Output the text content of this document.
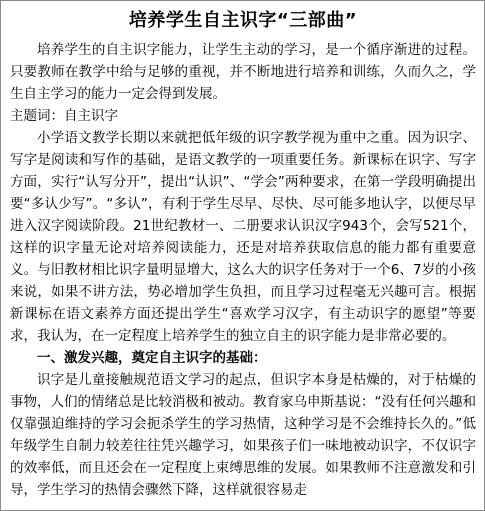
培养学生自主识字“三部曲”

培养学生的自主识字能力，让学生主动的学习，是一个循序渐进的过程。只要教师在教学中给与足够的重视，并不断地进行培养和训练，久而久之，学生自主学习的能力一定会得到发展。

主题词：自主识字

小学语文教学长期以来就把低年级的识字教学视为重中之重。因为识字、写字是阅读和写作的基础，是语文教学的一项重要任务。新课标在识字、写字方面，实行“认写分开”，提出“认识”、“学会”两种要求，在第一学段明确提出要“多认少写”。“多认”，有利于学生尽早、尽快、尽可能多地认字，以便尽早进入汉字阅读阶段。21世纪教材一、二册要求认识汉字943个，会写521个，这样的识字量无论对培养阅读能力，还是对培养获取信息的能力都有重要意义。与旧教材相比识字量明显增大，这么大的识字任务对于一个6、7岁的小孩来说，如果不讲方法，势必增加学生负担，而且学习过程毫无兴趣可言。根据新课标在语文素养方面还提出学生“喜欢学习汉字，有主动识字的愿望”等要求，我认为，在一定程度上培养学生的独立自主的识字能力是非常必要的。

一、激发兴趣，奠定自主识字的基础：

识字是儿童接触规范语文学习的起点，但识字本身是枯燥的，对于枯燥的事物，人们的情绪总是比较消极和被动。教育家乌申斯基说：“没有任何兴趣和仅靠强迫维持的学习会扼杀学生的学习热情，这种学习是不会维持长久的。”低年级学生自制力较差往往凭兴趣学习，如果孩子们一味地被动识字，不仅识字的效率低，而且还会在一定程度上束缚思维的发展。如果教师不注意激发和引导，学生学习的热情会骤然下降，这样就很容易走
